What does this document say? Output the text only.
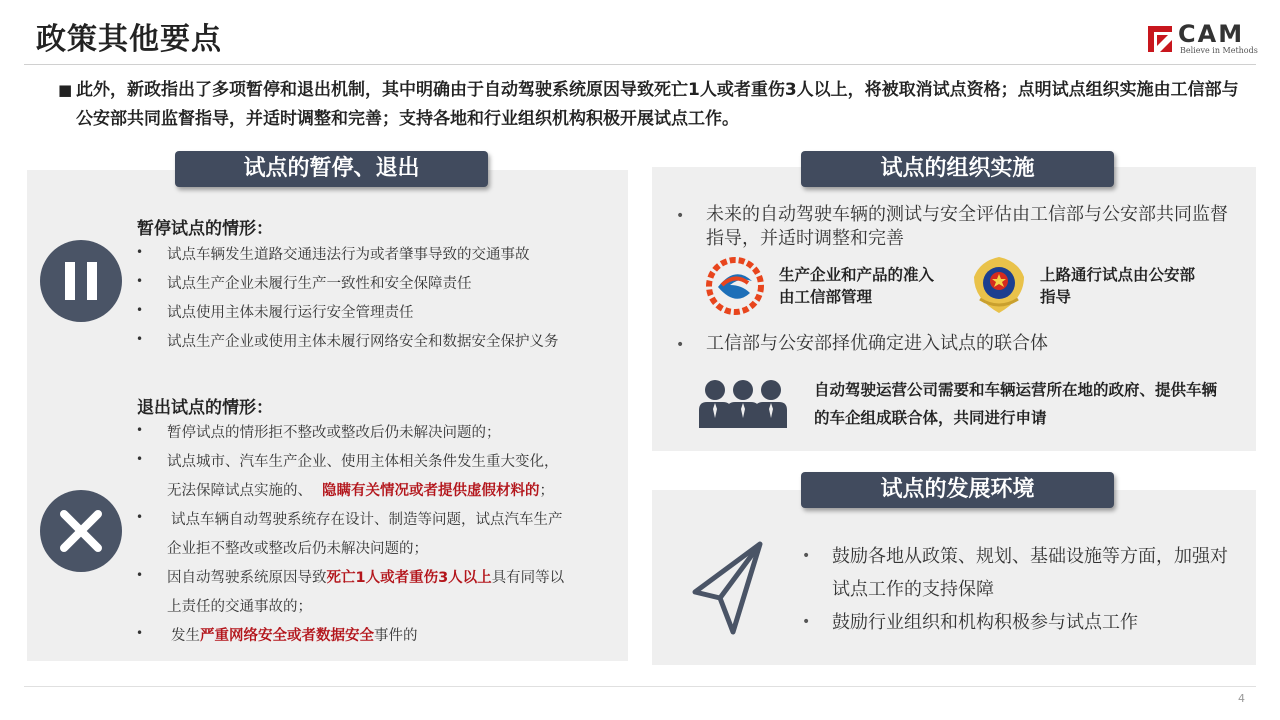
政策其他要点	CAM
Believe in Methods
■ 此外，新政指出了多项暂停和退出机制，其中明确由于自动驾驶系统原因导致死亡1人或者重伤3人以上，将被取消试点资格；点明试点组织实施由工信部与公安部共同监督指导，并适时调整和完善；支持各地和行业组织机构积极开展试点工作。
试点的暂停、退出
暂停试点的情形：
• 试点车辆发生道路交通违法行为或者肇事导致的交通事故
• 试点生产企业未履行生产一致性和安全保障责任
• 试点使用主体未履行运行安全管理责任
• 试点生产企业或使用主体未履行网络安全和数据安全保护义务
退出试点的情形：
• 暂停试点的情形拒不整改或整改后仍未解决问题的；
• 试点城市、汽车生产企业、使用主体相关条件发生重大变化，
无法保障试点实施的、 隐瞒有关情况或者提供虚假材料的；
• 试点车辆自动驾驶系统存在设计、制造等问题，试点汽车生产
企业拒不整改或整改后仍未解决问题的；
• 因自动驾驶系统原因导致死亡1人或者重伤3人以上具有同等以
上责任的交通事故的；
• 发生严重网络安全或者数据安全事件的
试点的组织实施
• 未来的自动驾驶车辆的测试与安全评估由工信部与公安部共同监督指导，并适时调整和完善
生产企业和产品的准入由工信部管理
上路通行试点由公安部指导
• 工信部与公安部择优确定进入试点的联合体
自动驾驶运营公司需要和车辆运营所在地的政府、提供车辆的车企组成联合体，共同进行申请
试点的发展环境
• 鼓励各地从政策、规划、基础设施等方面，加强对试点工作的支持保障
• 鼓励行业组织和机构积极参与试点工作
4
